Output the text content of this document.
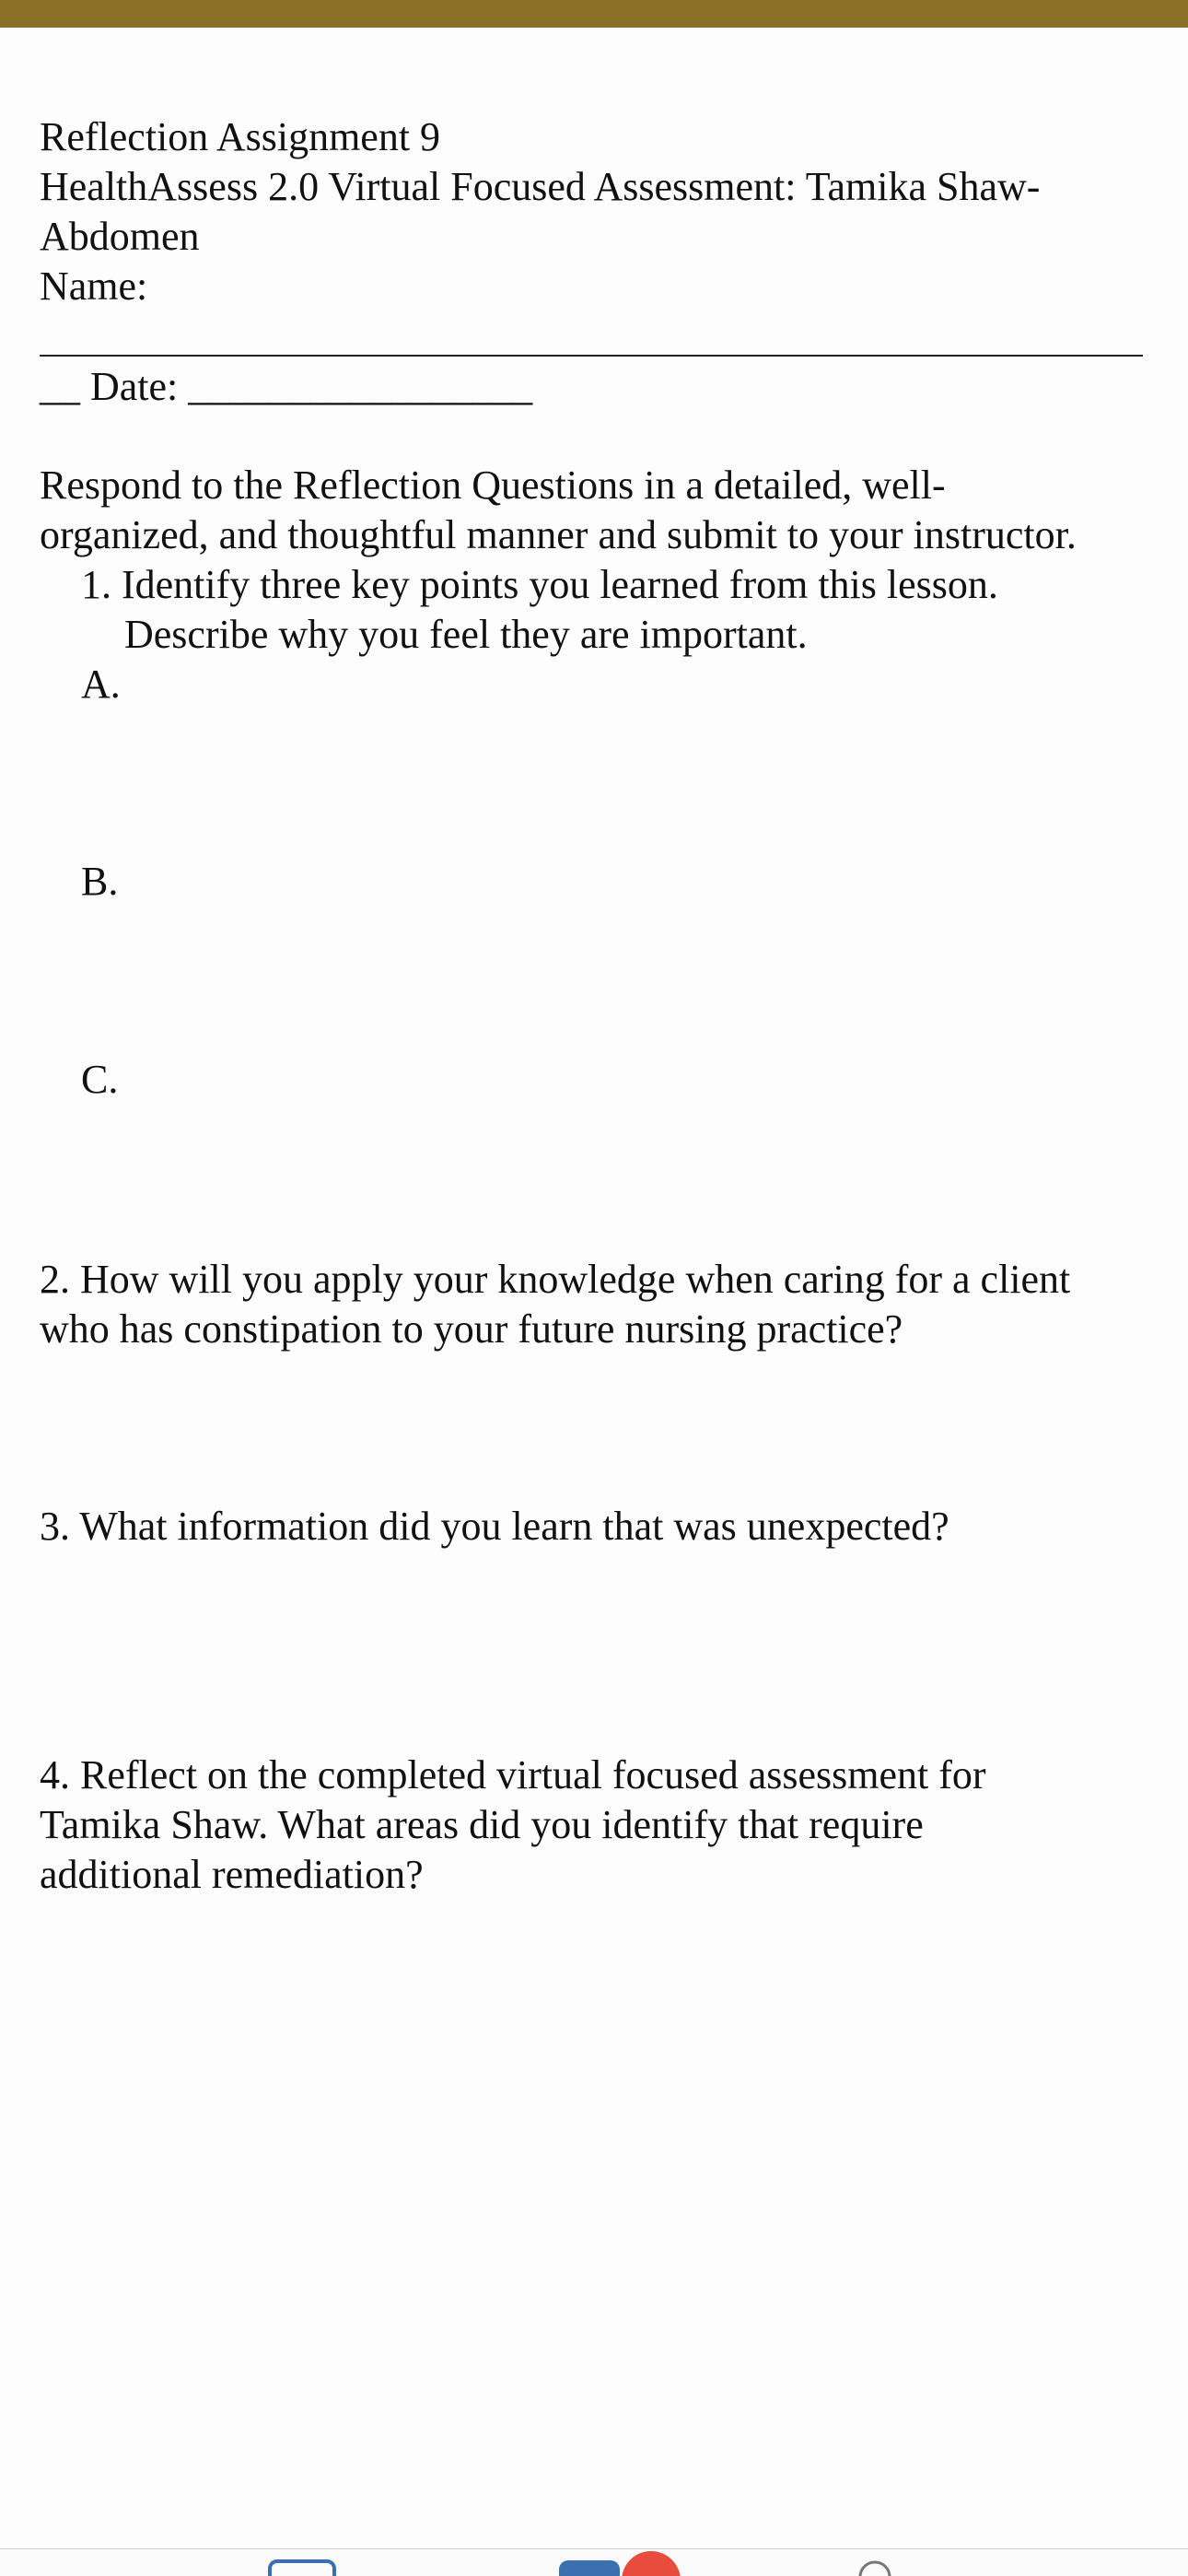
Reflection Assignment 9
HealthAssess 2.0 Virtual Focused Assessment: Tamika Shaw-
Abdomen
Name:
__ Date: _________________
Respond to the Reflection Questions in a detailed, well-
organized, and thoughtful manner and submit to your instructor.
1. Identify three key points you learned from this lesson.
Describe why you feel they are important.
A.
B.
C.
2. How will you apply your knowledge when caring for a client
who has constipation to your future nursing practice?
3. What information did you learn that was unexpected?
4. Reflect on the completed virtual focused assessment for
Tamika Shaw. What areas did you identify that require
additional remediation?
